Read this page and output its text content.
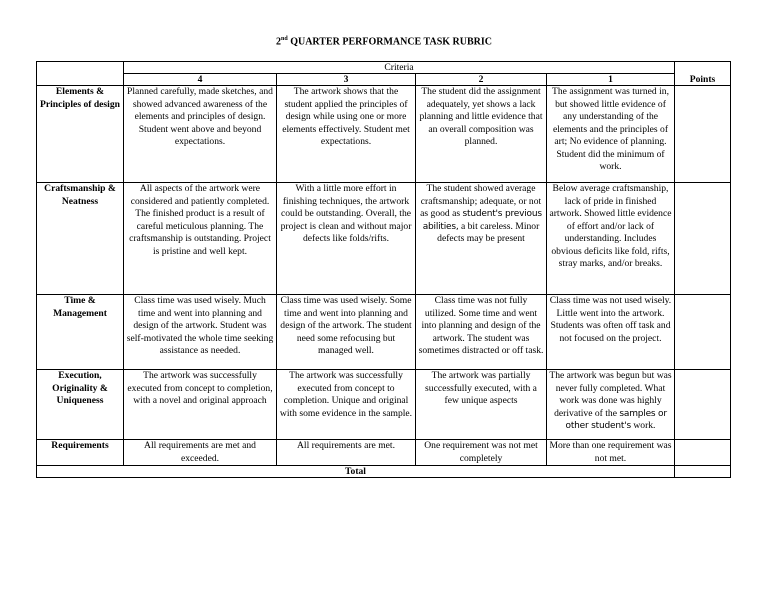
2nd QUARTER PERFORMANCE TASK RUBRIC
	Criteria				
	4	3	2	1	Points
Elements & Principles of design	Planned carefully, made sketches, and showed advanced awareness of the elements and principles of design. Student went above and beyond expectations.	The artwork shows that the student applied the principles of design while using one or more elements effectively. Student met expectations.	The student did the assignment adequately, yet shows a lack planning and little evidence that an overall composition was planned.	The assignment was turned in, but showed little evidence of any understanding of the elements and the principles of art; No evidence of planning. Student did the minimum of work.	
Craftsmanship & Neatness	All aspects of the artwork were considered and patiently completed. The finished product is a result of careful meticulous planning. The craftsmanship is outstanding. Project is pristine and well kept.	With a little more effort in finishing techniques, the artwork could be outstanding. Overall, the project is clean and without major defects like folds/rifts.	The student showed average craftsmanship; adequate, or not as good as student's previous abilities, a bit careless. Minor defects may be present	Below average craftsmanship, lack of pride in finished artwork. Showed little evidence of effort and/or lack of understanding. Includes obvious deficits like fold, rifts, stray marks, and/or breaks.	
Time & Management	Class time was used wisely. Much time and went into planning and design of the artwork. Student was self-motivated the whole time seeking assistance as needed.	Class time was used wisely. Some time and went into planning and design of the artwork. The student need some refocusing but managed well.	Class time was not fully utilized. Some time and went into planning and design of the artwork. The student was sometimes distracted or off task.	Class time was not used wisely. Little went into the artwork. Students was often off task and not focused on the project.	
Execution, Originality & Uniqueness	The artwork was successfully executed from concept to completion, with a novel and original approach	The artwork was successfully executed from concept to completion. Unique and original with some evidence in the sample.	The artwork was partially successfully executed, with a few unique aspects	The artwork was begun but was never fully completed. What work was done was highly derivative of the samples or other student's work.	
Requirements	All requirements are met and exceeded.	All requirements are met.	One requirement was not met completely	More than one requirement was not met.	
Total					
